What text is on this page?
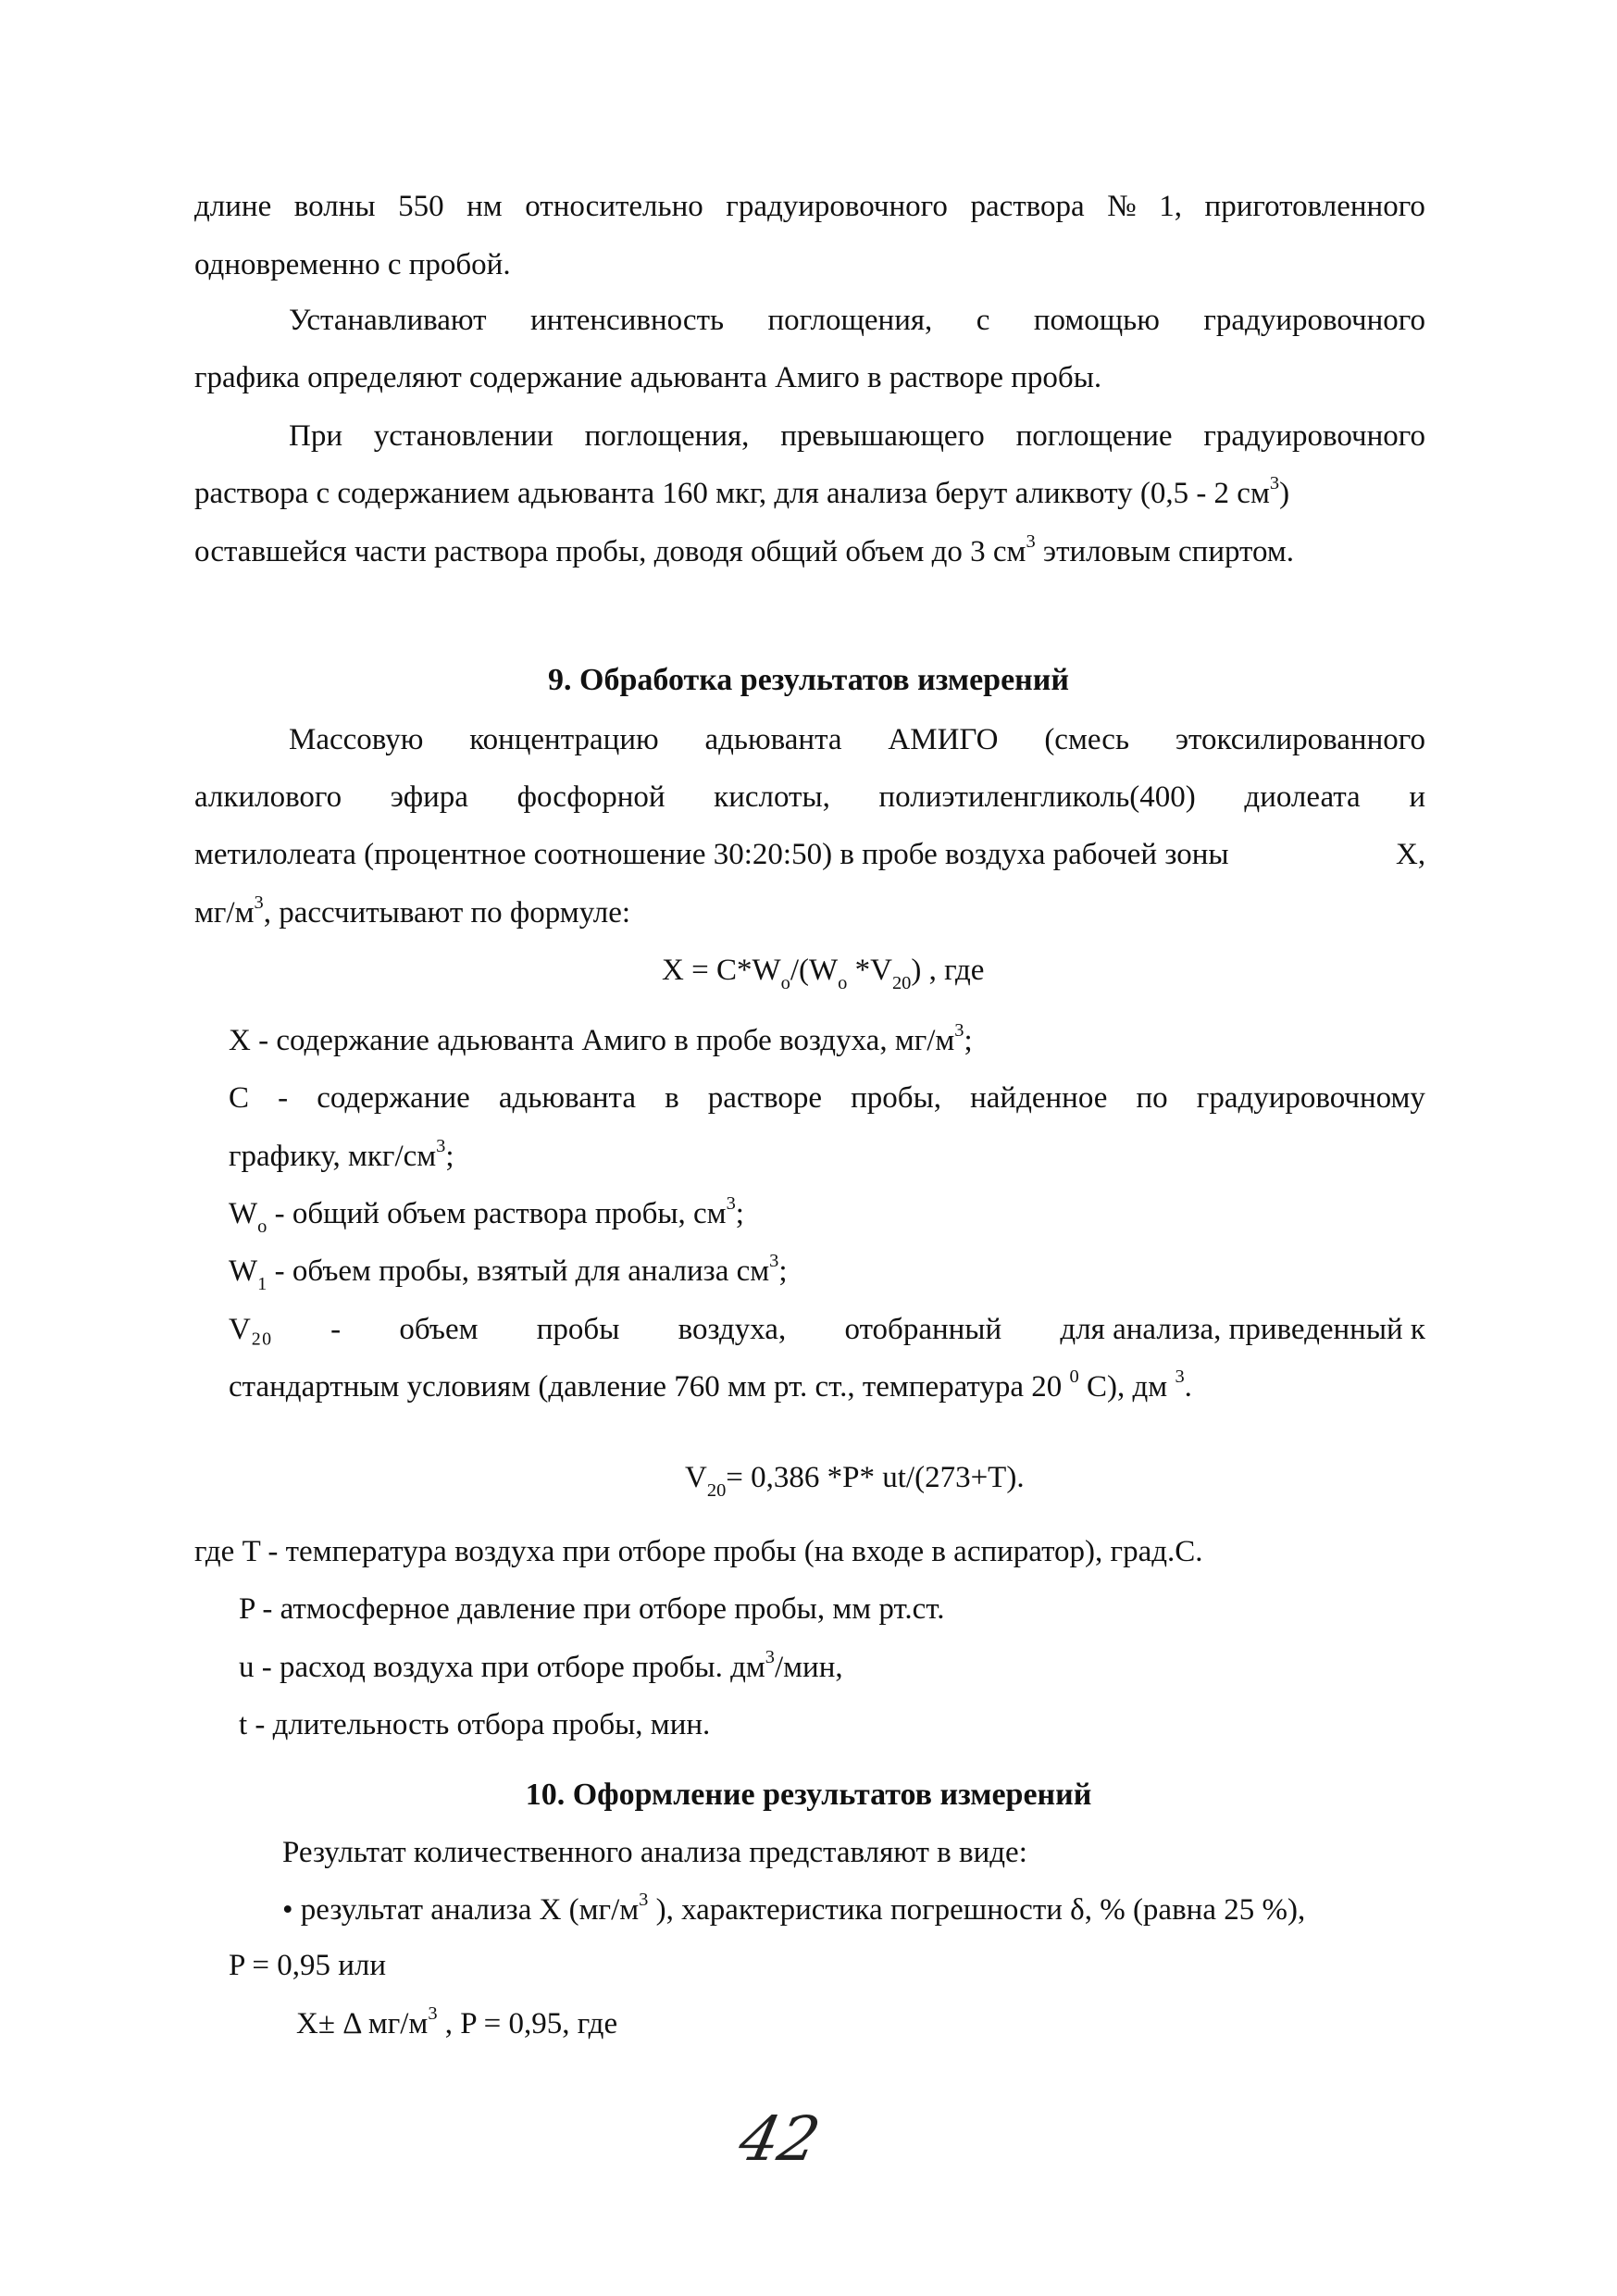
длине волны 550 нм относительно градуировочного раствора № 1, приготовленного
одновременно с пробой.
Устанавливают интенсивность поглощения, с помощью градуировочного
графика определяют содержание адьюванта Амиго в растворе пробы.
При установлении поглощения, превышающего поглощение градуировочного
раствора с содержанием адьюванта 160 мкг, для анализа берут аликвоту (0,5 - 2 $см^3$)
оставшейся части раствора пробы, доводя общий объем до 3 $см^3$ этиловым спиртом.
9. Обработка результатов измерений
Массовую концентрацию адьюванта АМИГО (смесь этоксилированного
алкилового эфира фосфорной кислоты, полиэтиленгликоль(400) диолеата и
метилолеата (процентное соотношение 30:20:50) в пробе воздуха рабочей зоны	X,
$мг/м^3$, рассчитывают по формуле:
$X = C*W_o/(W_o$ $*V_{20}$) , где
X - содержание адьюванта Амиго в пробе воздуха, $мг/м^3$;
C - содержание адьюванта в растворе пробы, найденное по градуировочному
графику, мкг/$см^3$;
$W_o$ - общий объем раствора пробы, $см^3$;
$W_1$ - объем пробы, взятый для анализа $см^3$;
V₂₀ - объем пробы воздуха, отобранный для анализа, приведенный к
стандартным условиям (давление 760 мм рт. ст., температура 20 $^0$ C), дм $^3$.
$V_{20}= 0,386$ *P* ut/(273+T).
где T - температура воздуха при отборе пробы (на входе в аспиратор), град.С.
P - атмосферное давление при отборе пробы, мм рт.ст.
u - расход воздуха при отборе пробы. $дм^3$/мин,
t - длительность отбора пробы, мин.
10. Оформление результатов измерений
Результат количественного анализа представляют в виде:
• результат анализа X ($мг/м^3$ ), характеристика погрешности δ, % (равна 25 %),
P = 0,95 или
X± Δ $мг/м^3$ , P = 0,95, где
42
